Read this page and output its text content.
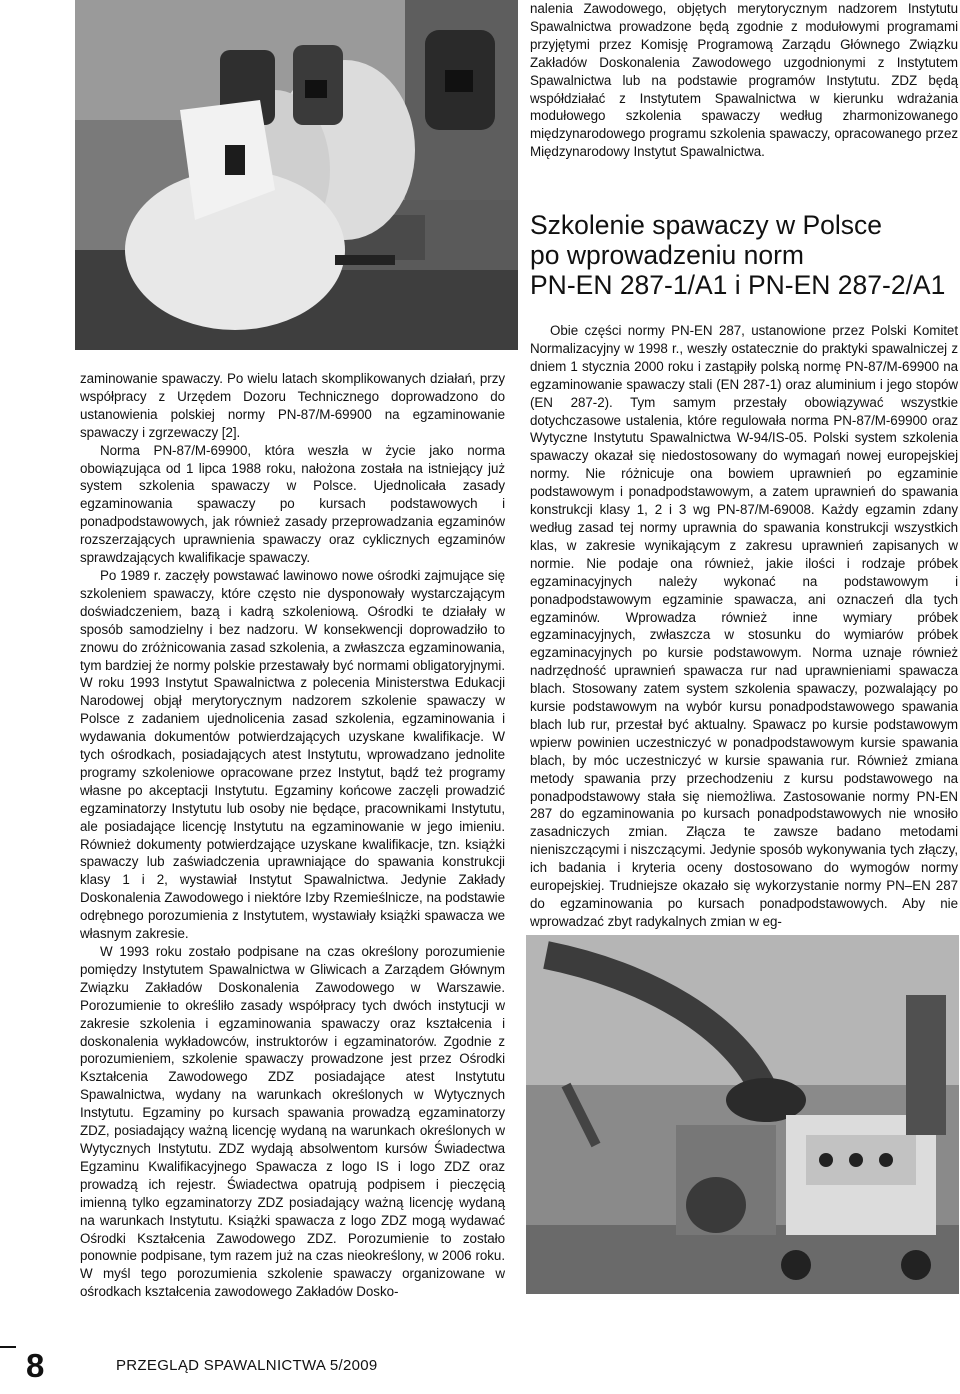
nalenia Zawodowego, objętych merytorycznym nadzorem Instytutu Spawalnictwa prowadzone będą zgodnie z modułowymi programami przyjętymi przez Komisję Programową Zarządu Głównego Związku Zakładów Doskonalenia Zawodowego uzgodnionymi z Instytutem Spawalnictwa lub na podstawie programów Instytutu. ZDZ będą współdziałać z Instytutem Spawalnictwa w kierunku wdrażania modułowego szkolenia spawaczy według zharmonizowanego międzynarodowego programu szkolenia spawaczy, opracowanego przez Międzynarodowy Instytut Spawalnictwa.

Szkolenie spawaczy w Polsce
po wprowadzeniu norm
PN-EN 287-1/A1 i PN-EN 287-2/A1

Obie części normy PN-EN 287, ustanowione przez Polski Komitet Normalizacyjny w 1998 r., weszły ostatecznie do praktyki spawalniczej z dniem 1 stycznia 2000 roku i zastąpiły polską normę PN-87/M-69900 na egzaminowanie spawaczy stali (EN 287-1) oraz aluminium i jego stopów (EN 287-2). Tym samym przestały obowiązywać wszystkie dotychczasowe ustalenia, które regulowała norma PN-87/M-69900 oraz Wytyczne Instytutu Spawalnictwa W-94/IS-05. Polski system szkolenia spawaczy okazał się niedostosowany do wymagań nowej europejskiej normy. Nie różnicuje ona bowiem uprawnień po egzaminie podstawowym i ponadpodstawowym, a zatem uprawnień do spawania konstrukcji klasy 1, 2 i 3 wg PN-87/M-69008. Każdy egzamin zdany według zasad tej normy uprawnia do spawania konstrukcji wszystkich klas, w zakresie wynikającym z zakresu uprawnień zapisanych w normie. Nie podaje ona również, jakie ilości i rodzaje próbek egzaminacyjnych należy wykonać na podstawowym i ponadpodstawowym egzaminie spawacza, ani oznaczeń dla tych egzaminów. Wprowadza również inne wymiary próbek egzaminacyjnych, zwłaszcza w stosunku do wymiarów próbek egzaminacyjnych po kursie podstawowym. Norma uznaje również nadrzędność uprawnień spawacza rur nad uprawnieniami spawacza blach. Stosowany zatem system szkolenia spawaczy, pozwalający po kursie podstawowym na wybór kursu ponadpodstawowego spawania blach lub rur, przestał być aktualny. Spawacz po kursie podstawowym wpierw powinien uczestniczyć w ponadpodstawowym kursie spawania blach, by móc uczestniczyć w kursie spawania rur. Również zmiana metody spawania przy przechodzeniu z kursu podstawowego na ponadpodstawowy stała się niemożliwa. Zastosowanie normy PN-EN 287 do egzaminowania po kursach ponadpodstawowych nie wnosiło zasadniczych zmian. Złącza te zawsze badano metodami nieniszczącymi i niszczącymi. Jedynie sposób wykonywania tych złączy, ich badania i kryteria oceny dostosowano do wymogów normy europejskiej. Trudniejsze okazało się wykorzystanie normy PN–EN 287 do egzaminowania po kursach ponadpodstawowych. Aby nie wprowadzać zbyt radykalnych zmian w eg-

zaminowanie spawaczy. Po wielu latach skomplikowanych działań, przy współpracy z Urzędem Dozoru Technicznego doprowadzono do ustanowienia polskiej normy PN-87/M-69900 na egzaminowanie spawaczy i zgrzewaczy [2].

Norma PN-87/M-69900, która weszła w życie jako norma obowiązująca od 1 lipca 1988 roku, nałożona została na istniejący już system szkolenia spawaczy w Polsce. Ujednolicała zasady egzaminowania spawaczy po kursach podstawowych i ponadpodstawowych, jak również zasady przeprowadzania egzaminów rozszerzających uprawnienia spawaczy oraz cyklicznych egzaminów sprawdzających kwalifikacje spawaczy.

Po 1989 r. zaczęły powstawać lawinowo nowe ośrodki zajmujące się szkoleniem spawaczy, które często nie dysponowały wystarczającym doświadczeniem, bazą i kadrą szkoleniową. Ośrodki te działały w sposób samodzielny i bez nadzoru. W konsekwencji doprowadziło to znowu do zróżnicowania zasad szkolenia, a zwłaszcza egzaminowania, tym bardziej że normy polskie przestawały być normami obligatoryjnymi. W roku 1993 Instytut Spawalnictwa z polecenia Ministerstwa Edukacji Narodowej objął merytorycznym nadzorem szkolenie spawaczy w Polsce z zadaniem ujednolicenia zasad szkolenia, egzaminowania i wydawania dokumentów potwierdzających uzyskane kwalifikacje. W tych ośrodkach, posiadających atest Instytutu, wprowadzano jednolite programy szkoleniowe opracowane przez Instytut, bądź też programy własne po akceptacji Instytutu. Egzaminy końcowe zaczęli prowadzić egzaminatorzy Instytutu lub osoby nie będące, pracownikami Instytutu, ale posiadające licencję Instytutu na egzaminowanie w jego imieniu. Również dokumenty potwierdzające uzyskane kwalifikacje, tzn. książki spawaczy lub zaświadczenia uprawniające do spawania konstrukcji klasy 1 i 2, wystawiał Instytut Spawalnictwa. Jedynie Zakłady Doskonalenia Zawodowego i niektóre Izby Rzemieślnicze, na podstawie odrębnego porozumienia z Instytutem, wystawiały książki spawacza we własnym zakresie.

W 1993 roku zostało podpisane na czas określony porozumienie pomiędzy Instytutem Spawalnictwa w Gliwicach a Zarządem Głównym Związku Zakładów Doskonalenia Zawodowego w Warszawie. Porozumienie to określiło zasady współpracy tych dwóch instytucji w zakresie szkolenia i egzaminowania spawaczy oraz kształcenia i doskonalenia wykładowców, instruktorów i egzaminatorów. Zgodnie z porozumieniem, szkolenie spawaczy prowadzone jest przez Ośrodki Kształcenia Zawodowego ZDZ posiadające atest Instytutu Spawalnictwa, wydany na warunkach określonych w Wytycznych Instytutu. Egzaminy po kursach spawania prowadzą egzaminatorzy ZDZ, posiadający ważną licencję wydaną na warunkach określonych w Wytycznych Instytutu. ZDZ wydają absolwentom kursów Świadectwa Egzaminu Kwalifikacyjnego Spawacza z logo IS i logo ZDZ oraz prowadzą ich rejestr. Świadectwa opatrują podpisem i pieczęcią imienną tylko egzaminatorzy ZDZ posiadający ważną licencję wydaną na warunkach Instytutu. Książki spawacza z logo ZDZ mogą wydawać Ośrodki Kształcenia Zawodowego ZDZ. Porozumienie to zostało ponownie podpisane, tym razem już na czas nieokreślony, w 2006 roku. W myśl tego porozumienia szkolenie spawaczy organizowane w ośrodkach kształcenia zawodowego Zakładów Dosko-

8	PRZEGLĄD SPAWALNICTWA 5/2009
